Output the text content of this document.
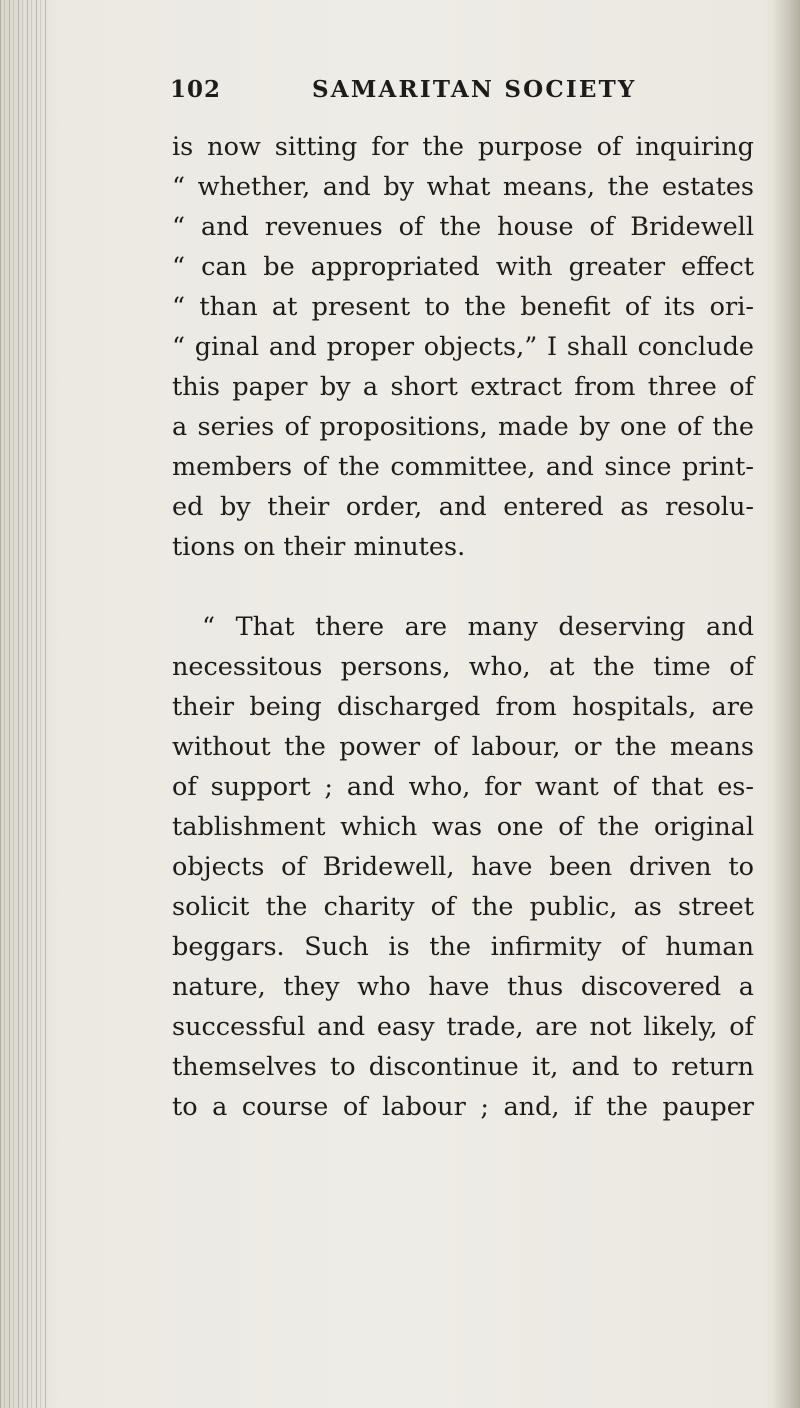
102	SAMARITAN SOCIETY
is now sitting for the purpose of inquiring
“ whether, and by what means, the estates
“ and revenues of the house of Bridewell
“ can be appropriated with greater effect
“ than at present to the benefit of its ori-
“ ginal and proper objects,” I shall conclude
this paper by a short extract from three of
a series of propositions, made by one of the
members of the committee, and since print-
ed by their order, and entered as resolu-
tions on their minutes.
“ That there are many deserving and
necessitous persons, who, at the time of
their being discharged from hospitals, are
without the power of labour, or the means
of support ; and who, for want of that es-
tablishment which was one of the original
objects of Bridewell, have been driven to
solicit the charity of the public, as street
beggars. Such is the infirmity of human
nature, they who have thus discovered a
successful and easy trade, are not likely, of
themselves to discontinue it, and to return
to a course of labour ; and, if the pauper
